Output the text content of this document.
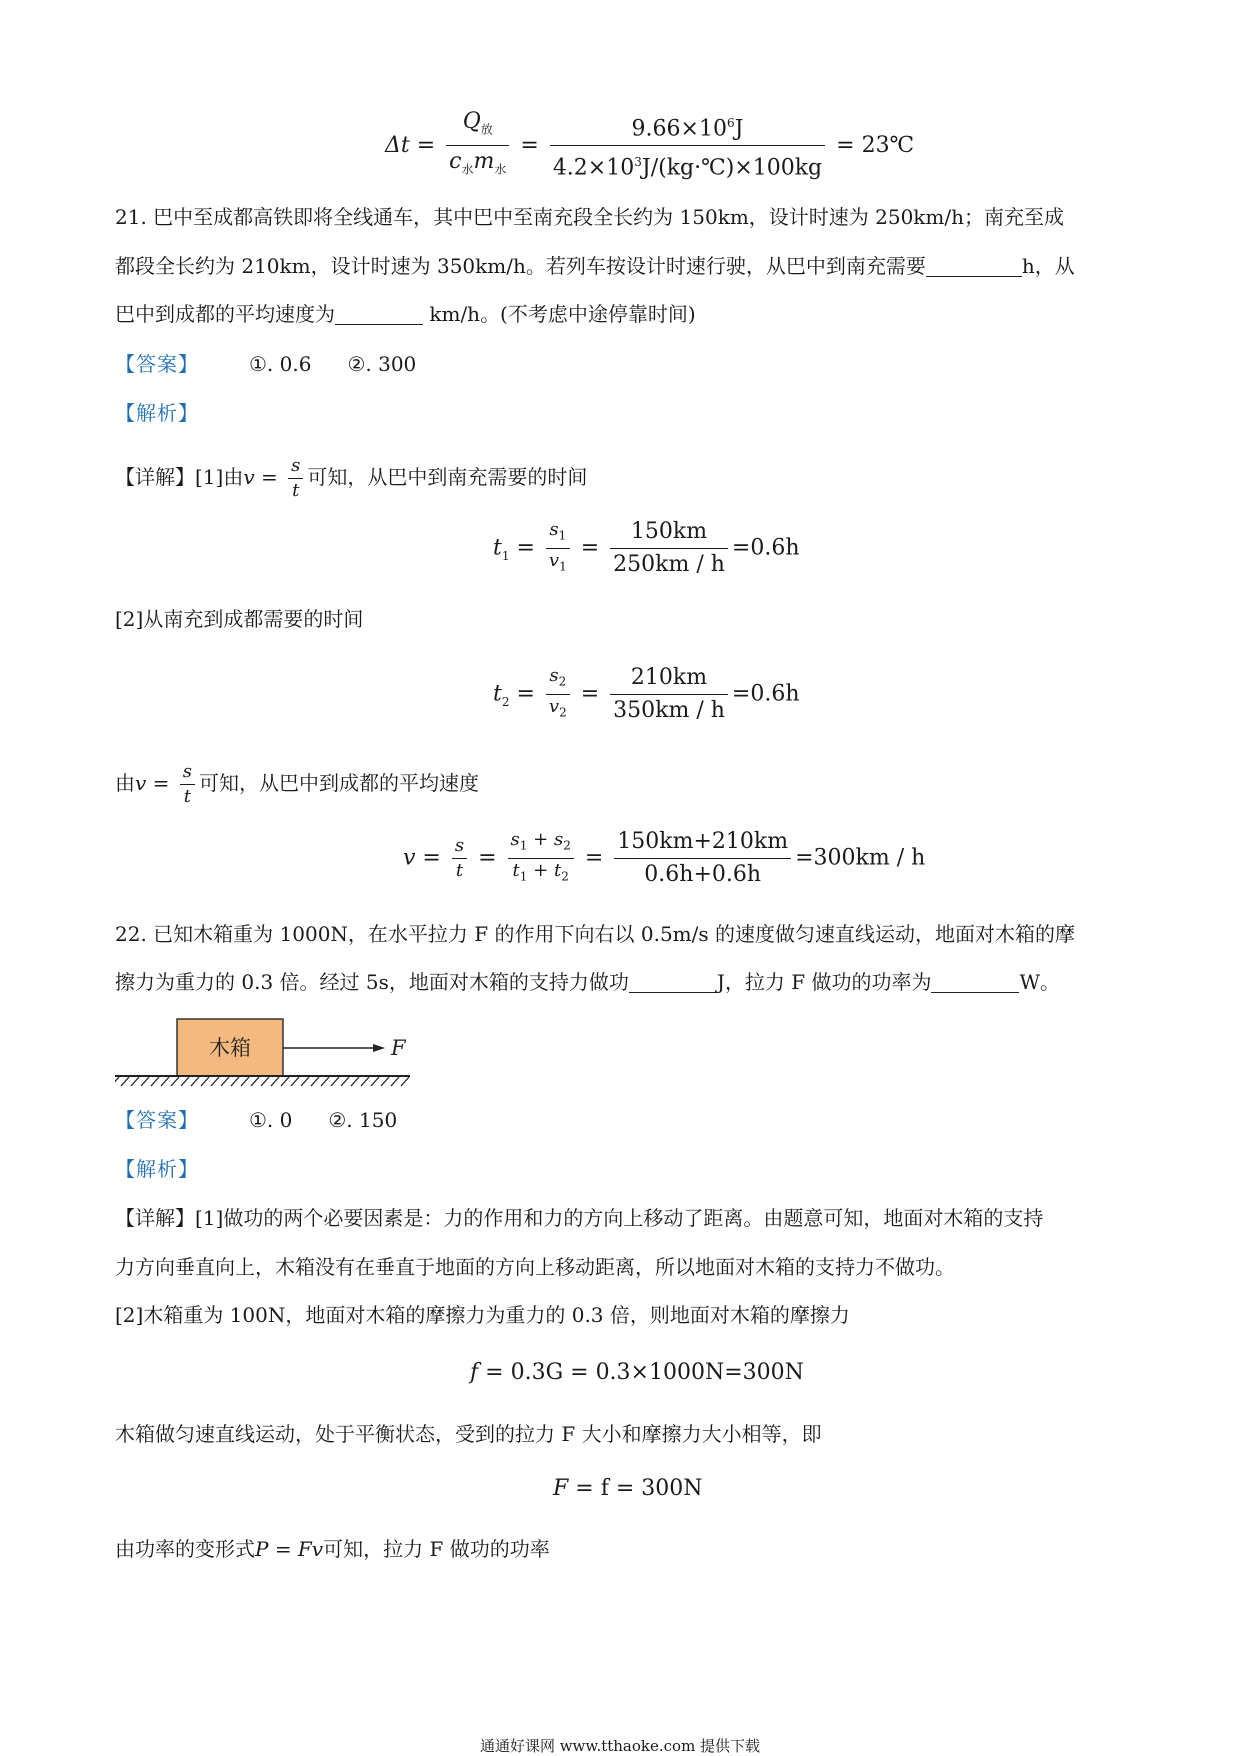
$\Delta t = \frac{Q_放}{c_水m_水} = \frac{9.66\times 10^6J}{4.2\times 10^3J/(kg\cdot℃)\times 100kg}$ = 23℃
21. 巴中至成都高铁即将全线通车，其中巴中至南充段全长约为 150km，设计时速为 250km/h；南充至成
都段全长约为 210km，设计时速为 350km/h。若列车按设计时速行驶，从巴中到南充需要	h，从
巴中到成都的平均速度为	km/h。(不考虑中途停靠时间)
【答案】	①. 0.6 ②. 300
【解析】
【详解】[1]由$v = \frac{s}{t}$ 可知，从巴中到南充需要的时间
$t_1 = \frac{s_1}{v_1} = \frac{150km}{250km / h} =0.6h$
[2]从南充到成都需要的时间
$t_2 = \frac{s_2}{v_2} = \frac{210km}{350km / h} =0.6h$
由$v = \frac{s}{t}$ 可知，从巴中到成都的平均速度
$v = \frac{s}{t} = \frac{s_1 + s_2}{t_1 + t_2} = \frac{150km+210km}{0.6h+0.6h} =300km / h$
22. 已知木箱重为 1000N，在水平拉力 F 的作用下向右以 0.5m/s 的速度做匀速直线运动，地面对木箱的摩
擦力为重力的 0.3 倍。经过 5s，地面对木箱的支持力做功	J，拉力 F 做功的功率为	W。
木箱	F
【答案】	①. 0 ②. 150
【解析】
【详解】[1]做功的两个必要因素是：力的作用和力的方向上移动了距离。由题意可知，地面对木箱的支持
力方向垂直向上，木箱没有在垂直于地面的方向上移动距离，所以地面对木箱的支持力不做功。
[2]木箱重为 100N，地面对木箱的摩擦力为重力的 0.3 倍，则地面对木箱的摩擦力
f = 0.3G = 0.3×1000N=300N
木箱做匀速直线运动，处于平衡状态，受到的拉力 F 大小和摩擦力大小相等，即
F = f = 300N
由功率的变形式P = Fv可知，拉力 F 做功的功率
通通好课网 www.tthaoke.com 提供下载
